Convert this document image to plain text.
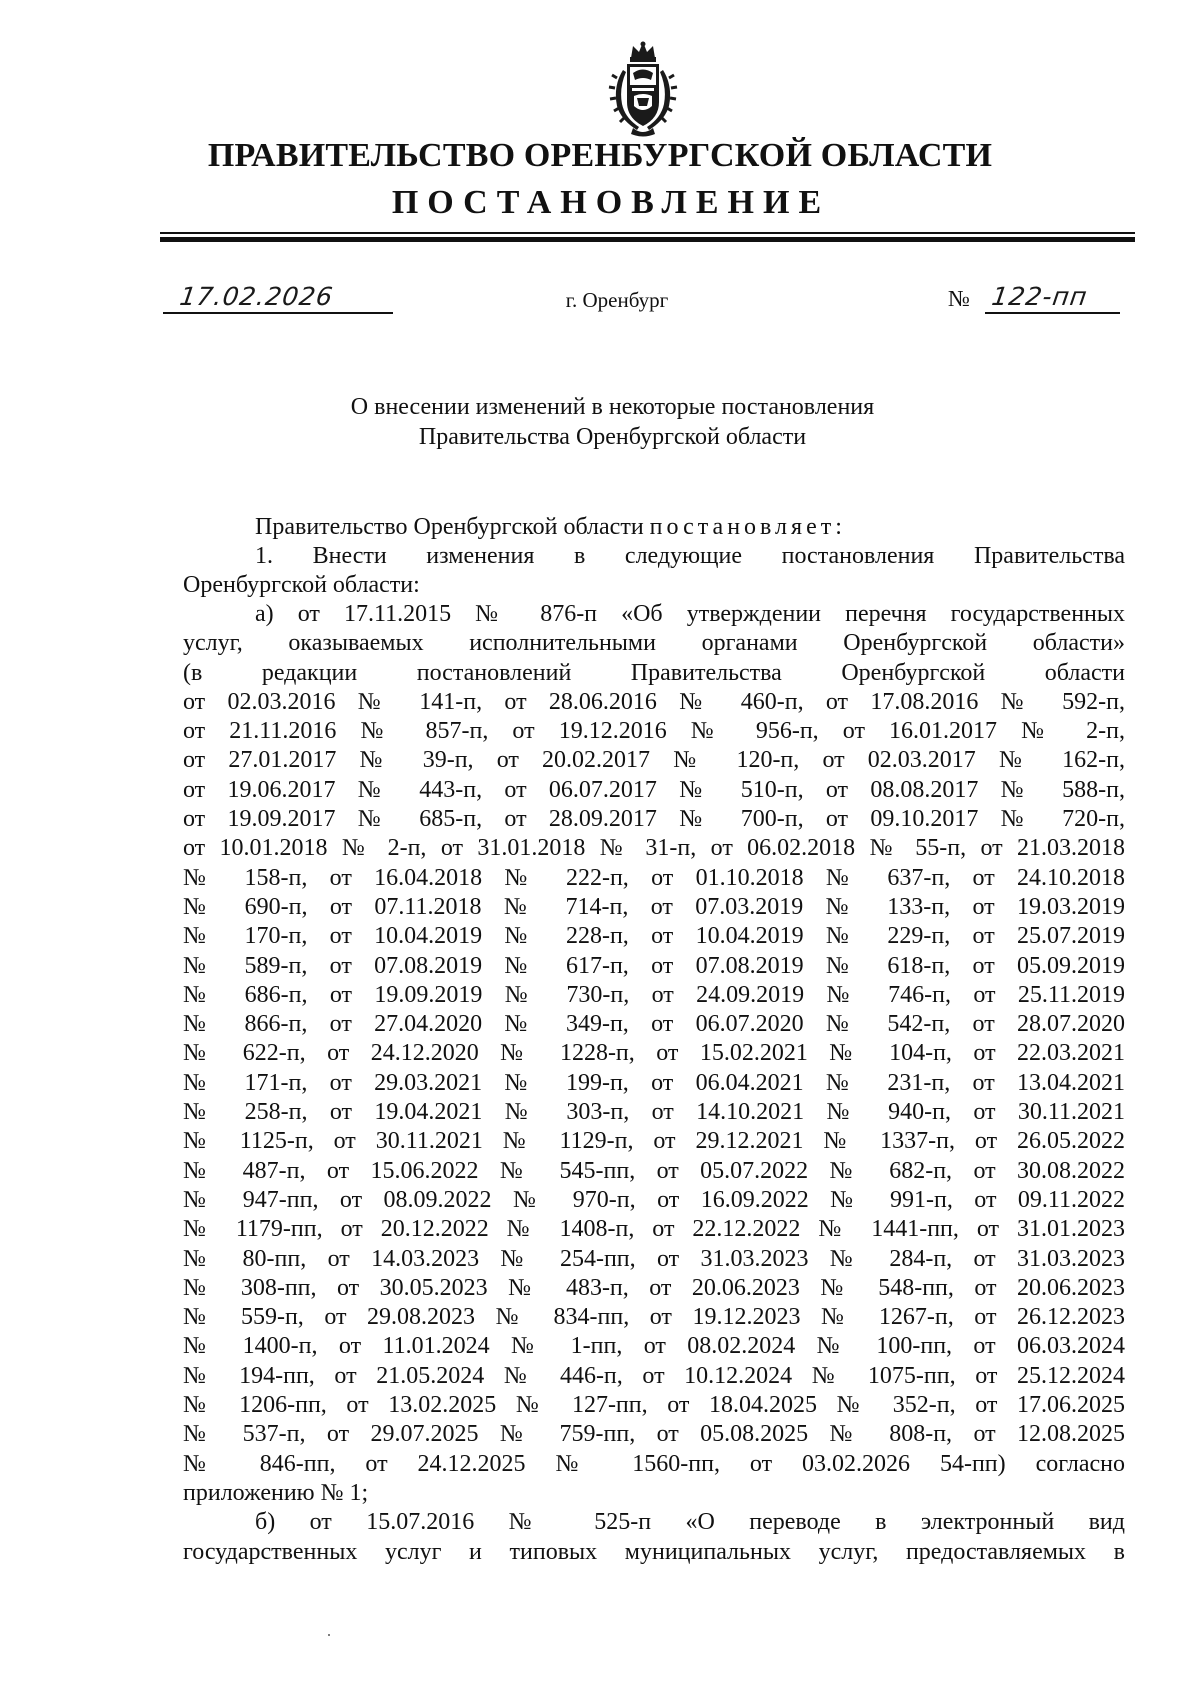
ПРАВИТЕЛЬСТВО ОРЕНБУРГСКОЙ ОБЛАСТИ
ПОСТАНОВЛЕНИЕ
17.02.2026	г. Оренбург	№ 122-пп
О внесении изменений в некоторые постановления
Правительства Оренбургской области
Правительство Оренбургской области постановляет:
1. Внести изменения в следующие постановления Правительства
Оренбургской области:
а) от 17.11.2015 № 876-п «Об утверждении перечня государственных
услуг, оказываемых исполнительными органами Оренбургской области»
(в редакции постановлений Правительства Оренбургской области
от 02.03.2016 № 141-п, от 28.06.2016 № 460-п, от 17.08.2016 № 592-п,
от 21.11.2016 № 857-п, от 19.12.2016 № 956-п, от 16.01.2017 № 2-п,
от 27.01.2017 № 39-п, от 20.02.2017 № 120-п, от 02.03.2017 № 162-п,
от 19.06.2017 № 443-п, от 06.07.2017 № 510-п, от 08.08.2017 № 588-п,
от 19.09.2017 № 685-п, от 28.09.2017 № 700-п, от 09.10.2017 № 720-п,
от 10.01.2018 № 2-п, от 31.01.2018 № 31-п, от 06.02.2018 № 55-п, от 21.03.2018
№ 158-п, от 16.04.2018 № 222-п, от 01.10.2018 № 637-п, от 24.10.2018
№ 690-п, от 07.11.2018 № 714-п, от 07.03.2019 № 133-п, от 19.03.2019
№ 170-п, от 10.04.2019 № 228-п, от 10.04.2019 № 229-п, от 25.07.2019
№ 589-п, от 07.08.2019 № 617-п, от 07.08.2019 № 618-п, от 05.09.2019
№ 686-п, от 19.09.2019 № 730-п, от 24.09.2019 № 746-п, от 25.11.2019
№ 866-п, от 27.04.2020 № 349-п, от 06.07.2020 № 542-п, от 28.07.2020
№ 622-п, от 24.12.2020 № 1228-п, от 15.02.2021 № 104-п, от 22.03.2021
№ 171-п, от 29.03.2021 № 199-п, от 06.04.2021 № 231-п, от 13.04.2021
№ 258-п, от 19.04.2021 № 303-п, от 14.10.2021 № 940-п, от 30.11.2021
№ 1125-п, от 30.11.2021 № 1129-п, от 29.12.2021 № 1337-п, от 26.05.2022
№ 487-п, от 15.06.2022 № 545-пп, от 05.07.2022 № 682-п, от 30.08.2022
№ 947-пп, от 08.09.2022 № 970-п, от 16.09.2022 № 991-п, от 09.11.2022
№ 1179-пп, от 20.12.2022 № 1408-п, от 22.12.2022 № 1441-пп, от 31.01.2023
№ 80-пп, от 14.03.2023 № 254-пп, от 31.03.2023 № 284-п, от 31.03.2023
№ 308-пп, от 30.05.2023 № 483-п, от 20.06.2023 № 548-пп, от 20.06.2023
№ 559-п, от 29.08.2023 № 834-пп, от 19.12.2023 № 1267-п, от 26.12.2023
№ 1400-п, от 11.01.2024 № 1-пп, от 08.02.2024 № 100-пп, от 06.03.2024
№ 194-пп, от 21.05.2024 № 446-п, от 10.12.2024 № 1075-пп, от 25.12.2024
№ 1206-пп, от 13.02.2025 № 127-пп, от 18.04.2025 № 352-п, от 17.06.2025
№ 537-п, от 29.07.2025 № 759-пп, от 05.08.2025 № 808-п, от 12.08.2025
№ 846-пп, от 24.12.2025 № 1560-пп, от 03.02.2026 54-пп) согласно
приложению № 1;
б) от 15.07.2016 № 525-п «О переводе в электронный вид
государственных услуг и типовых муниципальных услуг, предоставляемых в
